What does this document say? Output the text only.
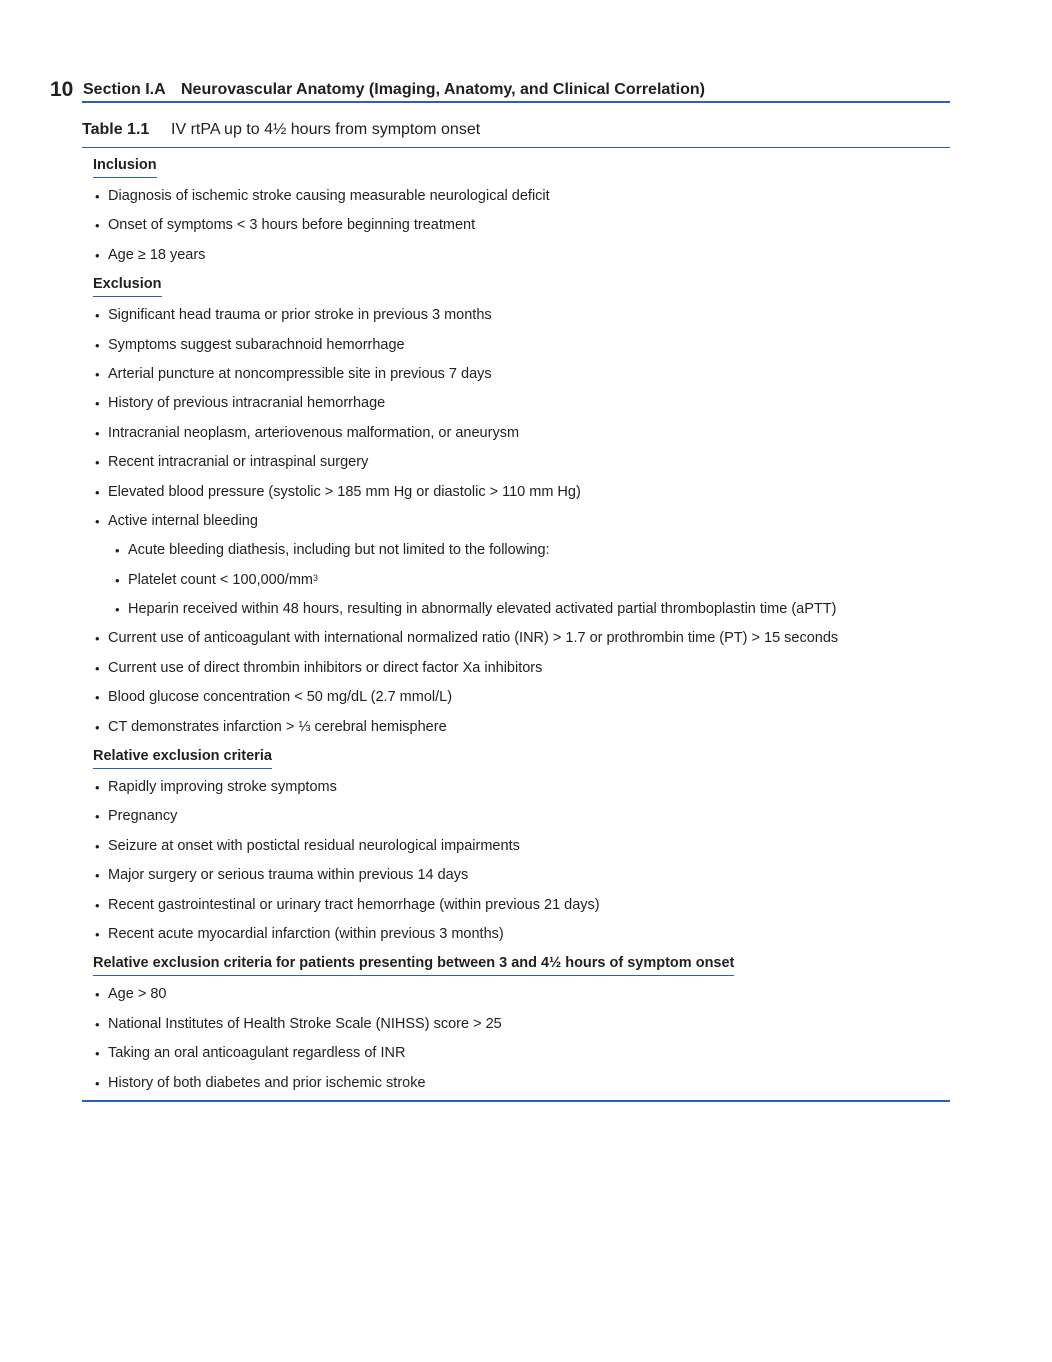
10 Section I.A Neurovascular Anatomy (Imaging, Anatomy, and Clinical Correlation)
Table 1.1 IV rtPA up to 4½ hours from symptom onset
Inclusion
• Diagnosis of ischemic stroke causing measurable neurological deficit
• Onset of symptoms < 3 hours before beginning treatment
• Age ≥ 18 years
Exclusion
• Significant head trauma or prior stroke in previous 3 months
• Symptoms suggest subarachnoid hemorrhage
• Arterial puncture at noncompressible site in previous 7 days
• History of previous intracranial hemorrhage
• Intracranial neoplasm, arteriovenous malformation, or aneurysm
• Recent intracranial or intraspinal surgery
• Elevated blood pressure (systolic > 185 mm Hg or diastolic > 110 mm Hg)
• Active internal bleeding
• Acute bleeding diathesis, including but not limited to the following:
• Platelet count < $100,000/mm^3$
• Heparin received within 48 hours, resulting in abnormally elevated activated partial thromboplastin time (aPTT)
• Current use of anticoagulant with international normalized ratio (INR) > 1.7 or prothrombin time (PT) > 15 seconds
• Current use of direct thrombin inhibitors or direct factor Xa inhibitors
• Blood glucose concentration < 50 mg/dL (2.7 mmol/L)
• CT demonstrates infarction > ⅓ cerebral hemisphere
Relative exclusion criteria
• Rapidly improving stroke symptoms
• Pregnancy
• Seizure at onset with postictal residual neurological impairments
• Major surgery or serious trauma within previous 14 days
• Recent gastrointestinal or urinary tract hemorrhage (within previous 21 days)
• Recent acute myocardial infarction (within previous 3 months)
Relative exclusion criteria for patients presenting between 3 and 4½ hours of symptom onset
• Age > 80
• National Institutes of Health Stroke Scale (NIHSS) score > 25
• Taking an oral anticoagulant regardless of INR
• History of both diabetes and prior ischemic stroke
